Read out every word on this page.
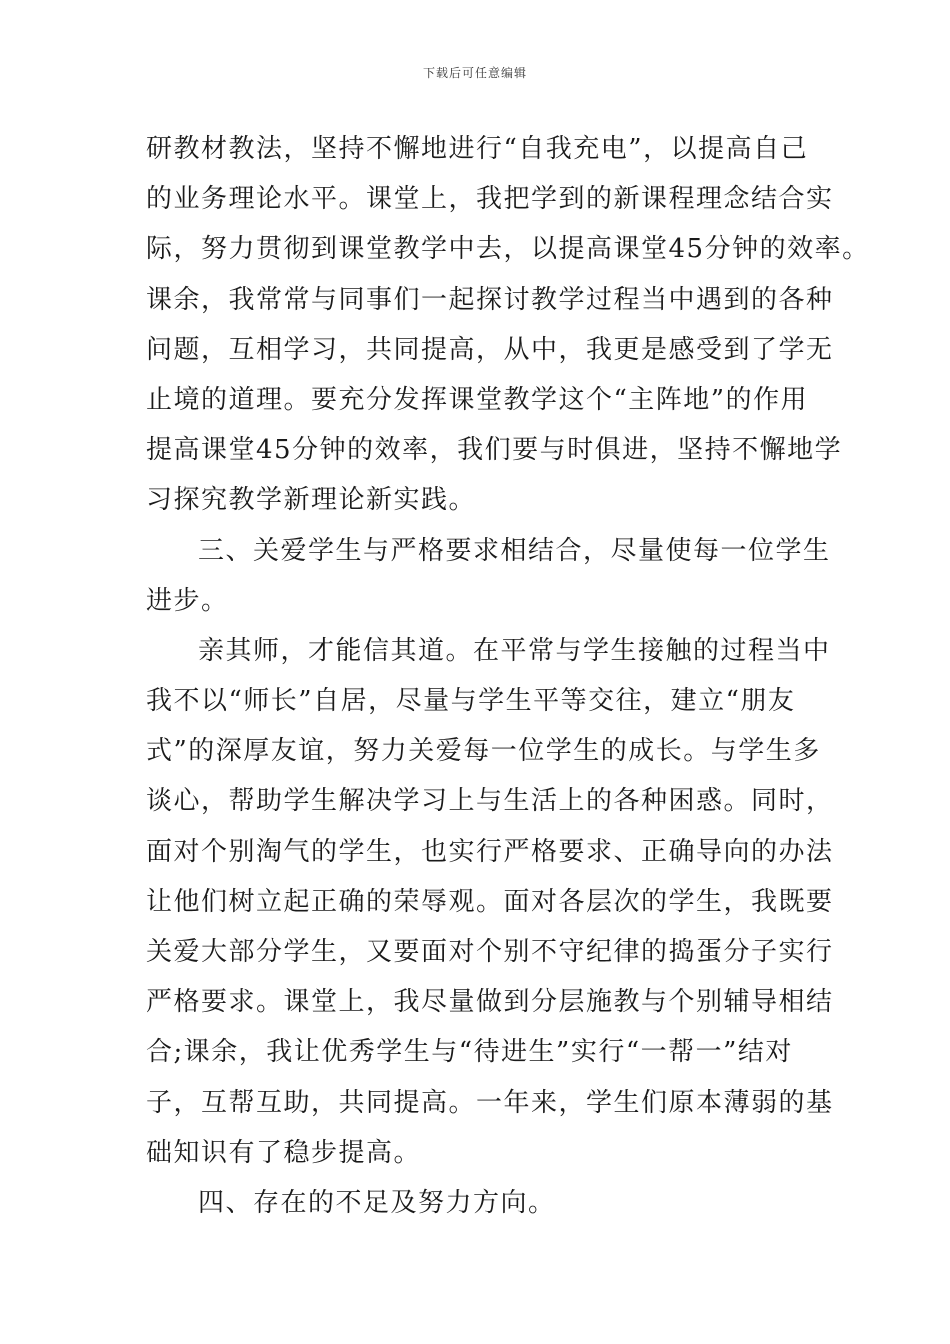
下载后可任意编辑
研教材教法，坚持不懈地进行“自我充电”，以提高自己
的业务理论水平。课堂上，我把学到的新课程理念结合实
际，努力贯彻到课堂教学中去，以提高课堂45分钟的效率。
课余，我常常与同事们一起探讨教学过程当中遇到的各种
问题，互相学习，共同提高，从中，我更是感受到了学无
止境的道理。要充分发挥课堂教学这个“主阵地”的作用
提高课堂45分钟的效率，我们要与时俱进，坚持不懈地学
习探究教学新理论新实践。
三、关爱学生与严格要求相结合，尽量使每一位学生
进步。
亲其师，才能信其道。在平常与学生接触的过程当中
我不以“师长”自居，尽量与学生平等交往，建立“朋友
式”的深厚友谊，努力关爱每一位学生的成长。与学生多
谈心，帮助学生解决学习上与生活上的各种困惑。同时，
面对个别淘气的学生，也实行严格要求、正确导向的办法
让他们树立起正确的荣辱观。面对各层次的学生，我既要
关爱大部分学生，又要面对个别不守纪律的捣蛋分子实行
严格要求。课堂上，我尽量做到分层施教与个别辅导相结
合;课余，我让优秀学生与“待进生”实行“一帮一”结对
子，互帮互助，共同提高。一年来，学生们原本薄弱的基
础知识有了稳步提高。
四、存在的不足及努力方向。
